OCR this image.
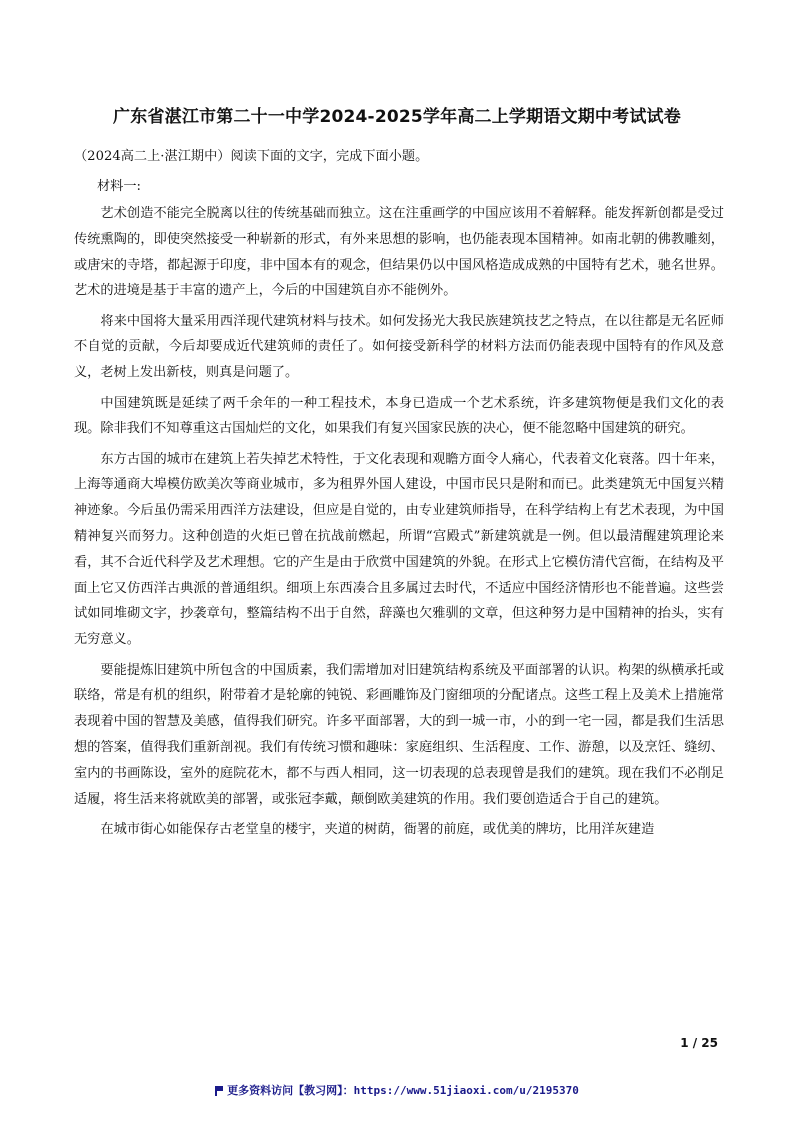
广东省湛江市第二十一中学2024-2025学年高二上学期语文期中考试试卷

（2024高二上·湛江期中）阅读下面的文字，完成下面小题。

材料一:

艺术创造不能完全脱离以往的传统基础而独立。这在注重画学的中国应该用不着解释。能发挥新创都是受过传统熏陶的，即使突然接受一种崭新的形式，有外来思想的影响，也仍能表现本国精神。如南北朝的佛教雕刻，或唐宋的寺塔，都起源于印度，非中国本有的观念，但结果仍以中国风格造成成熟的中国特有艺术，驰名世界。艺术的进境是基于丰富的遗产上，今后的中国建筑自亦不能例外。

将来中国将大量采用西洋现代建筑材料与技术。如何发扬光大我民族建筑技艺之特点，在以往都是无名匠师不自觉的贡献，今后却要成近代建筑师的责任了。如何接受新科学的材料方法而仍能表现中国特有的作风及意义，老树上发出新枝，则真是问题了。

中国建筑既是延续了两千余年的一种工程技术，本身已造成一个艺术系统，许多建筑物便是我们文化的表现。除非我们不知尊重这古国灿烂的文化，如果我们有复兴国家民族的决心，便不能忽略中国建筑的研究。

东方古国的城市在建筑上若失掉艺术特性，于文化表现和观瞻方面令人痛心，代表着文化衰落。四十年来，上海等通商大埠模仿欧美次等商业城市，多为租界外国人建设，中国市民只是附和而已。此类建筑无中国复兴精神迹象。今后虽仍需采用西洋方法建设，但应是自觉的，由专业建筑师指导，在科学结构上有艺术表现，为中国精神复兴而努力。这种创造的火炬已曾在抗战前燃起，所谓“宫殿式”新建筑就是一例。但以最清醒建筑理论来看，其不合近代科学及艺术理想。它的产生是由于欣赏中国建筑的外貌。在形式上它模仿清代宫衙，在结构及平面上它又仿西洋古典派的普通组织。细项上东西凑合且多属过去时代，不适应中国经济情形也不能普遍。这些尝试如同堆砌文字，抄袭章句，整篇结构不出于自然，辞藻也欠雅驯的文章，但这种努力是中国精神的抬头，实有无穷意义。

要能提炼旧建筑中所包含的中国质素，我们需增加对旧建筑结构系统及平面部署的认识。构架的纵横承托或联络，常是有机的组织，附带着才是轮廓的钝锐、彩画雕饰及门窗细项的分配诸点。这些工程上及美术上措施常表现着中国的智慧及美感，值得我们研究。许多平面部署，大的到一城一市，小的到一宅一园，都是我们生活思想的答案，值得我们重新剖视。我们有传统习惯和趣味：家庭组织、生活程度、工作、游憩，以及烹饪、缝纫、室内的书画陈设，室外的庭院花木，都不与西人相同，这一切表现的总表现曾是我们的建筑。现在我们不必削足适履，将生活来将就欧美的部署，或张冠李戴，颠倒欧美建筑的作用。我们要创造适合于自己的建筑。

在城市街心如能保存古老堂皇的楼宇，夹道的树荫，衙署的前庭，或优美的牌坊，比用洋灰建造

1 / 25
更多资料访问【教习网】：https://www.51jiaoxi.com/u/2195370
